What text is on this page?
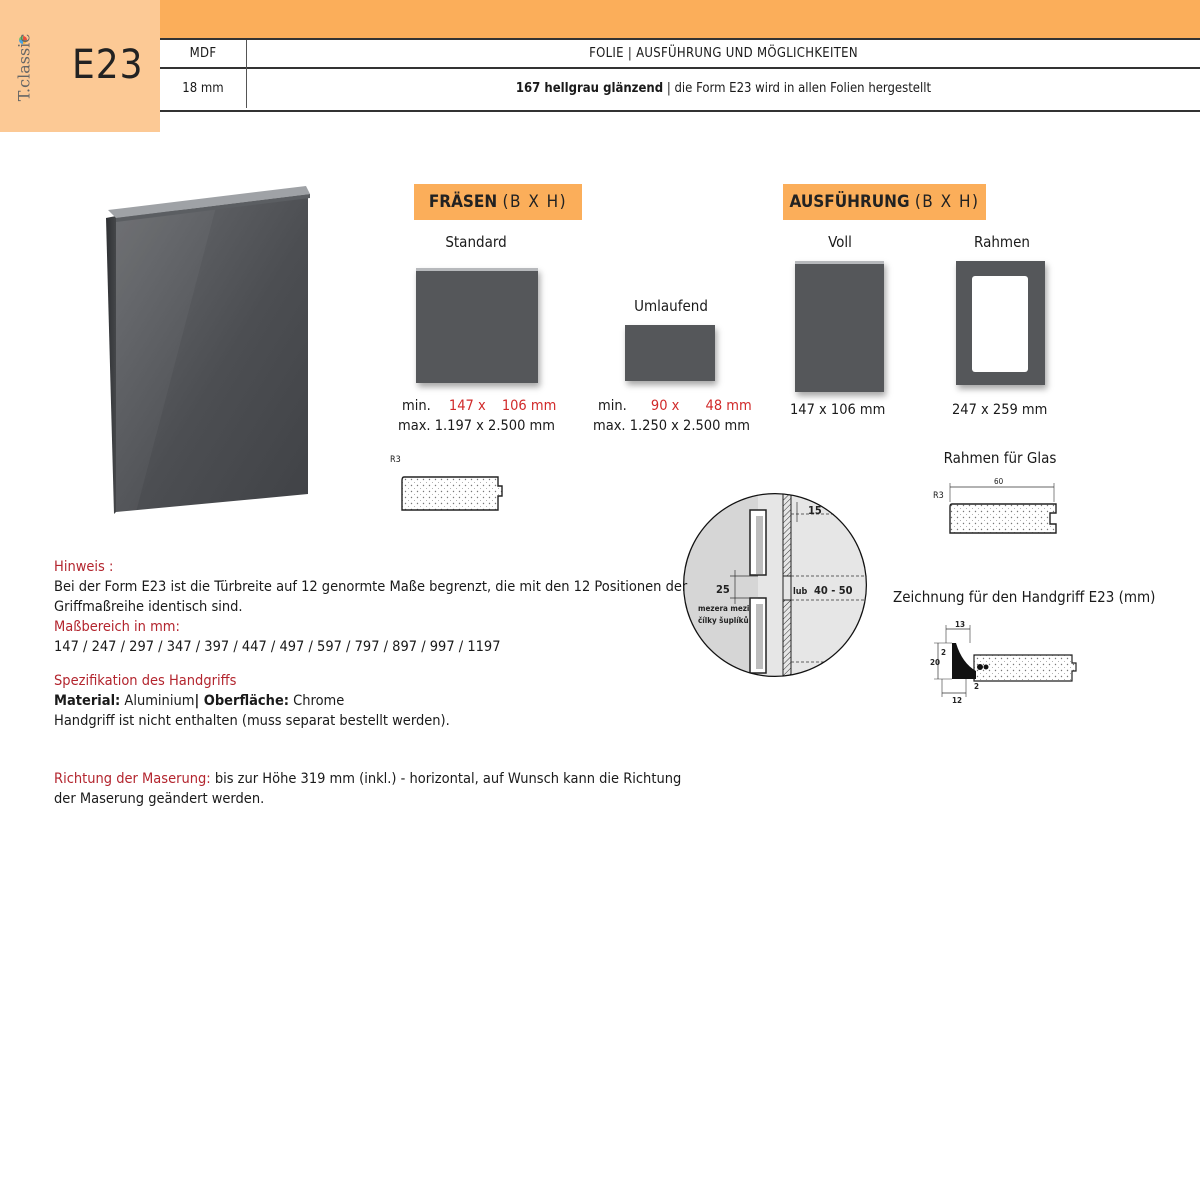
T.classic E23	MDF	FOLIE | AUSFÜHRUNG UND MÖGLICHKEITEN
18 mm	167 hellgrau glänzend | die Form E23 wird in allen Folien hergestellt
FRÄSEN (B X H)
Standard
min. 147 x 106 mm
max. 1.197 x 2.500 mm
Umlaufend
min. 90 x 48 mm
max. 1.250 x 2.500 mm
R3
AUSFÜHRUNG (B X H)
Voll
147 x 106 mm
Rahmen
247 x 259 mm
Rahmen für Glas
R3
60
15
25	lub 40 - 50
mezera mezi
čílky šuplíků
Zeichnung für den Handgriff E23 (mm)
13
20
2
2
12

Hinweis :

Bei der Form E23 ist die Türbreite auf 12 genormte Maße begrenzt, die mit den 12 Positionen der Griffmaßreihe identisch sind.

Maßbereich in mm:

147 / 247 / 297 / 347 / 397 / 447 / 497 / 597 / 797 / 897 / 997 / 1197

Spezifikation des Handgriffs

Material: Aluminium| Oberfläche: Chrome

Handgriff ist nicht enthalten (muss separat bestellt werden).

Richtung der Maserung: bis zur Höhe 319 mm (inkl.) - horizontal, auf Wunsch kann die Richtung der Maserung geändert werden.
